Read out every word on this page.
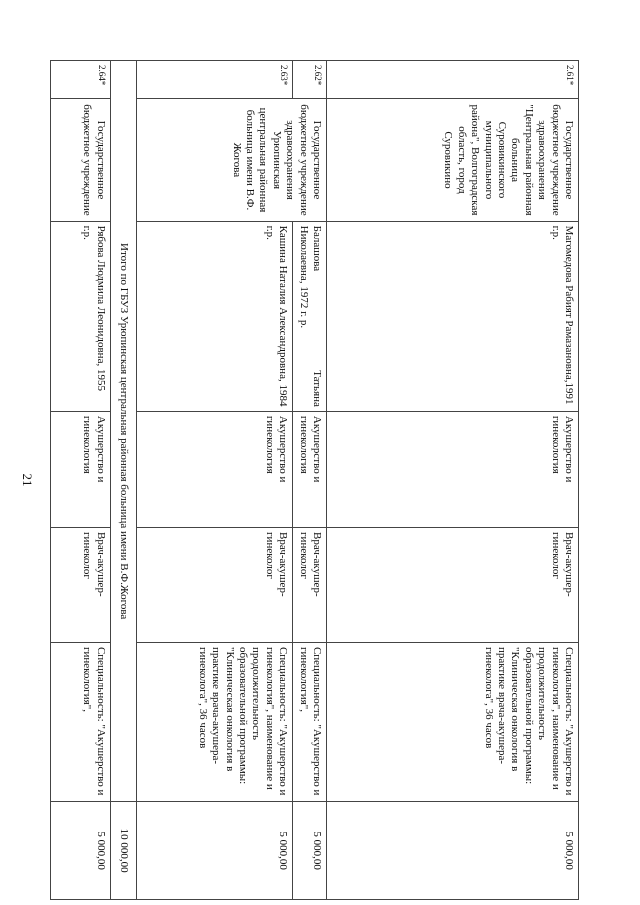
21
2.61*	Государственное бюджетное учреждение здравоохранения "Центральная районная больница Суровикинского муниципального района", Волгоградская область, город Суровикино	Магомедова Рабият Рамазановна,1991 г.р.	Акушерство и гинекология	Врач-акушер-гинеколог	Специальность: "Акушерство и гинекология", наименование и продолжительность образовательной программы: "Клиническая онкология в практике врача-акушера-гинеколога", 36 часов	5 000,00
2.62*	Государственное бюджетное учреждение здравоохранения Урюпинская центральная районная больница имени В.Ф. Жогова	Балашова
Татьяна
Николаевна, 1972 г. р.	Акушерство и гинекология	Врач-акушер-гинеколог	Специальность: "Акушерство и гинекология",	5 000,00
2.63*		Кашина Наталия Александровна, 1984 г.р.	Акушерство и гинекология	Врач-акушер-гинеколог	Специальность: "Акушерство и гинекология", наименование и продолжительность образовательной программы: "Клиническая онкология в практике врача-акушера-гинеколога", 36 часов	5 000,00
Итого по ГБУЗ Урюпинская центральная районная больница имени В.Ф.Жогова						10 000,00
2.64*	Государственное бюджетное учреждение	Рябова Людмила Леонидовна, 1955 г.р.	Акушерство и гинекология	Врач-акушер-гинеколог	Специальность: "Акушерство и гинекология",	5 000,00
